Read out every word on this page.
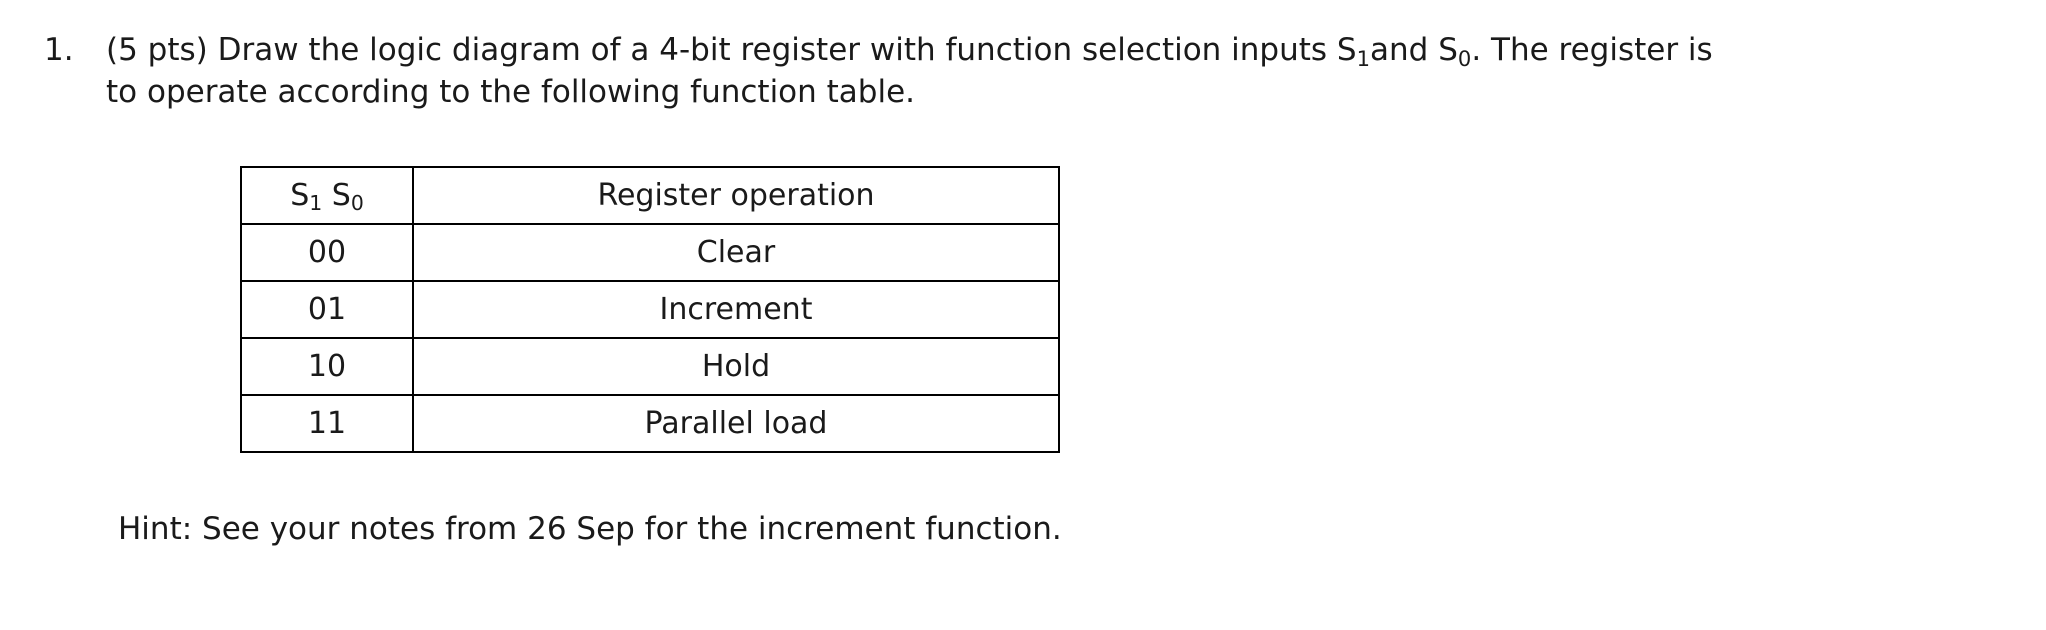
1.	(5 pts) Draw the logic diagram of a 4-bit register with function selection inputs $S_1and$ $S_0$. The register is

to operate according to the following function table.

$S_1$ $S_0$	Register operation
00	Clear
01	Increment
10	Hold
11	Parallel load
Hint: See your notes from 26 Sep for the increment function.
